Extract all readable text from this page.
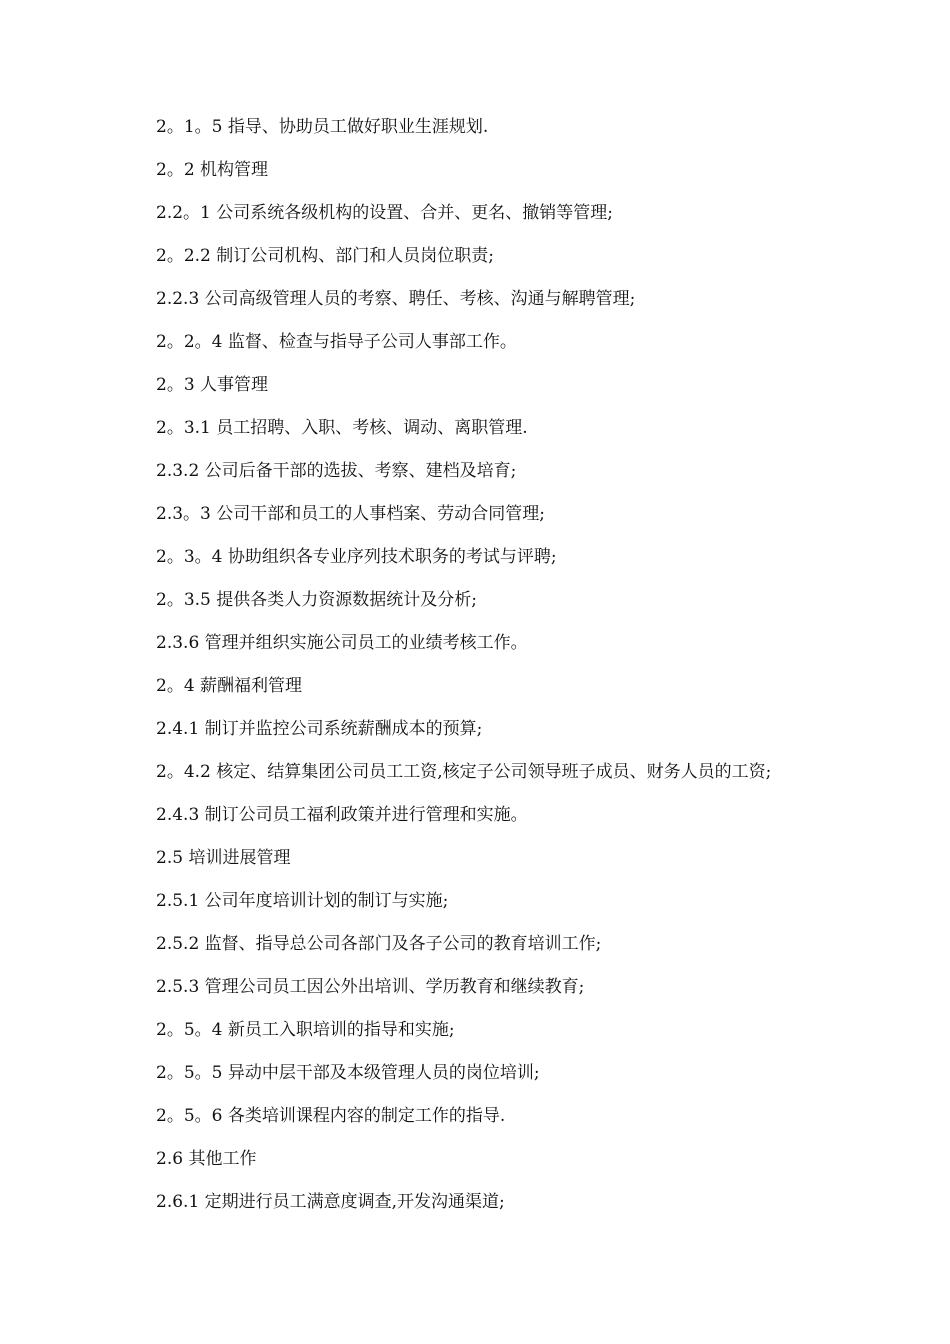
2。1。5 指导、协助员工做好职业生涯规划.
2。2 机构管理
2.2。1 公司系统各级机构的设置、合并、更名、撤销等管理;
2。2.2 制订公司机构、部门和人员岗位职责;
2.2.3 公司高级管理人员的考察、聘任、考核、沟通与解聘管理;
2。2。4 监督、检查与指导子公司人事部工作。
2。3 人事管理
2。3.1 员工招聘、入职、考核、调动、离职管理.
2.3.2 公司后备干部的选拔、考察、建档及培育;
2.3。3 公司干部和员工的人事档案、劳动合同管理;
2。3。4 协助组织各专业序列技术职务的考试与评聘;
2。3.5 提供各类人力资源数据统计及分析;
2.3.6 管理并组织实施公司员工的业绩考核工作。
2。4 薪酬福利管理
2.4.1 制订并监控公司系统薪酬成本的预算;
2。4.2 核定、结算集团公司员工工资,核定子公司领导班子成员、财务人员的工资;
2.4.3 制订公司员工福利政策并进行管理和实施。
2.5 培训进展管理
2.5.1 公司年度培训计划的制订与实施;
2.5.2 监督、指导总公司各部门及各子公司的教育培训工作;
2.5.3 管理公司员工因公外出培训、学历教育和继续教育;
2。5。4 新员工入职培训的指导和实施;
2。5。5 异动中层干部及本级管理人员的岗位培训;
2。5。6 各类培训课程内容的制定工作的指导.
2.6 其他工作
2.6.1 定期进行员工满意度调查,开发沟通渠道;
